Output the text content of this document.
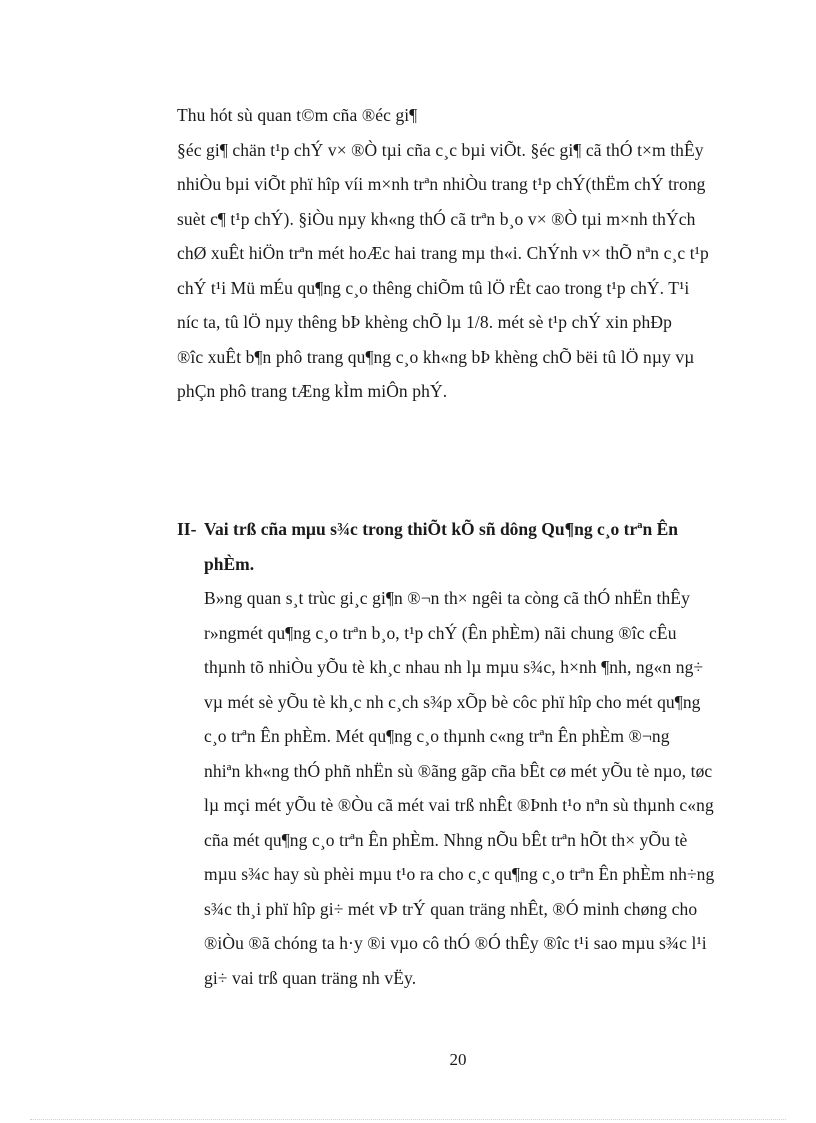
Thu hót sù quan t©m cña ®éc gi¶
§éc gi¶ chän t¹p chÝ v× ®Ò tµi cña c¸c bµi viÕt. §éc gi¶ cã thÓ t×m thÊy
nhiÒu bµi viÕt phï hîp víi m×nh trªn nhiÒu trang t¹p chÝ(thËm chÝ trong
suèt c¶ t¹p chÝ). §iÒu nµy kh«ng thÓ cã trªn b¸o v× ®Ò tµi m×nh thÝch
chØ xuÊt hiÖn trªn mét hoÆc hai trang mµ th«i. ChÝnh v× thÕ nªn c¸c t¹p
chÝ t¹i Mü mÉu qu¶ng c¸o thêng chiÕm tû lÖ rÊt cao trong t¹p chÝ. T¹i
níc ta, tû lÖ nµy thêng bÞ khèng chÕ lµ 1/8. mét sè t¹p chÝ xin phÐp
®îc xuÊt b¶n phô trang qu¶ng c¸o kh«ng bÞ khèng chÕ bëi tû lÖ nµy vµ
phÇn phô trang tÆng kÌm miÔn phÝ.
II- Vai trß cña mµu s¾c trong thiÕt kÕ sñ dông Qu¶ng c¸o trªn Ên
phÈm.
B»ng quan s¸t trùc gi¸c gi¶n ®¬n th× ngêi ta còng cã thÓ nhËn thÊy
r»ngmét qu¶ng c¸o trªn b¸o, t¹p chÝ (Ên phÈm) nãi chung ®îc cÊu
thµnh tõ nhiÒu yÕu tè kh¸c nhau nh lµ mµu s¾c, h×nh ¶nh, ng«n ng÷
vµ mét sè yÕu tè kh¸c nh c¸ch s¾p xÕp bè côc phï hîp cho mét qu¶ng
c¸o trªn Ên phÈm. Mét qu¶ng c¸o thµnh c«ng trªn Ên phÈm ®¬ng
nhiªn kh«ng thÓ phñ nhËn sù ®ãng gãp cña bÊt cø mét yÕu tè nµo, tøc
lµ mçi mét yÕu tè ®Òu cã mét vai trß nhÊt ®Þnh t¹o nªn sù thµnh c«ng
cña mét qu¶ng c¸o trªn Ên phÈm. Nhng nÕu bÊt trªn hÕt th× yÕu tè
mµu s¾c hay sù phèi mµu t¹o ra cho c¸c qu¶ng c¸o trªn Ên phÈm nh÷ng
s¾c th¸i phï hîp gi÷ mét vÞ trÝ quan träng nhÊt, ®Ó minh chøng cho
®iÒu ®ã chóng ta h·y ®i vµo cô thÓ ®Ó thÊy ®îc t¹i sao mµu s¾c l¹i
gi÷ vai trß quan träng nh vËy.
20
